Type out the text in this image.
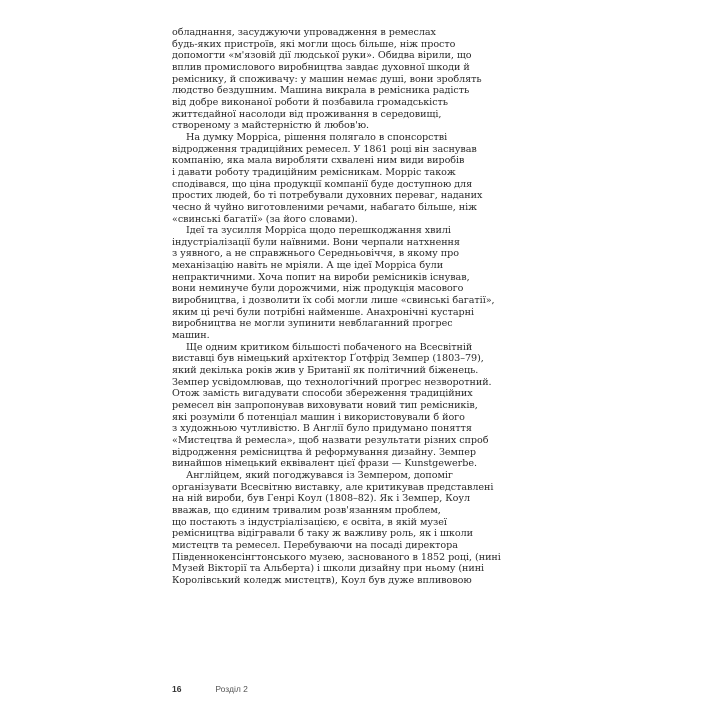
обладнання, засуджуючи упровадження в ремеслах
будь-яких пристроїв, які могли щось більше, ніж просто
допомогти «м'язовій дії людської руки». Обидва вірили, що
вплив промислового виробництва завдає духовної шкоди й
реміснику, й споживачу: у машин немає душі, вони зроблять
людство бездушним. Машина викрала в ремісника радість
від добре виконаної роботи й позбавила громадськість
життєдайної насолоди від проживання в середовищі,
створеному з майстерністю й любов'ю.
На думку Морріса, рішення полягало в спонсорстві
відродження традиційних ремесел. У 1861 році він заснував
компанію, яка мала виробляти схвалені ним види виробів
і давати роботу традиційним ремісникам. Морріс також
сподівався, що ціна продукції компанії буде доступною для
простих людей, бо ті потребували духовних переваг, наданих
чесно й чуйно виготовленими речами, набагато більше, ніж
«свинські багатії» (за його словами).
Ідеї та зусилля Морріса щодо перешкоджання хвилі
індустріалізації були наївними. Вони черпали натхнення
з уявного, а не справжнього Середньовіччя, в якому про
механізацію навіть не мріяли. А ще ідеї Морріса були
непрактичними. Хоча попит на вироби ремісників існував,
вони неминуче були дорожчими, ніж продукція масового
виробництва, і дозволити їх собі могли лише «свинські багатії»,
яким ці речі були потрібні найменше. Анахронічні кустарні
виробництва не могли зупинити невблаганний прогрес
машин.
Ще одним критиком більшості побаченого на Всесвітній
виставці був німецький архітектор Ґотфрід Земпер (1803–79),
який декілька років жив у Британії як політичний біженець.
Земпер усвідомлював, що технологічний прогрес незворотний.
Отож замість вигадувати способи збереження традиційних
ремесел він запропонував виховувати новий тип ремісників,
які розуміли б потенціал машин і використовували б його
з художньою чутливістю. В Англії було придумано поняття
«Мистецтва й ремесла», щоб назвати результати різних спроб
відродження ремісництва й реформування дизайну. Земпер
винайшов німецький еквівалент цієї фрази — Kunstgewerbe.
Англійцем, який погоджувався із Земпером, допоміг
організувати Всесвітню виставку, але критикував представлені
на ній вироби, був Генрі Коул (1808–82). Як і Земпер, Коул
вважав, що єдиним тривалим розв'язанням проблем,
що постають з індустріалізацією, є освіта, в якій музеї
ремісництва відігравали б таку ж важливу роль, як і школи
мистецтв та ремесел. Перебуваючи на посаді директора
Південнокенсінгтонського музею, заснованого в 1852 році, (нині
Музей Вікторії та Альберта) і школи дизайну при ньому (нині
Королівський коледж мистецтв), Коул був дуже впливовою
16	Розділ 2
